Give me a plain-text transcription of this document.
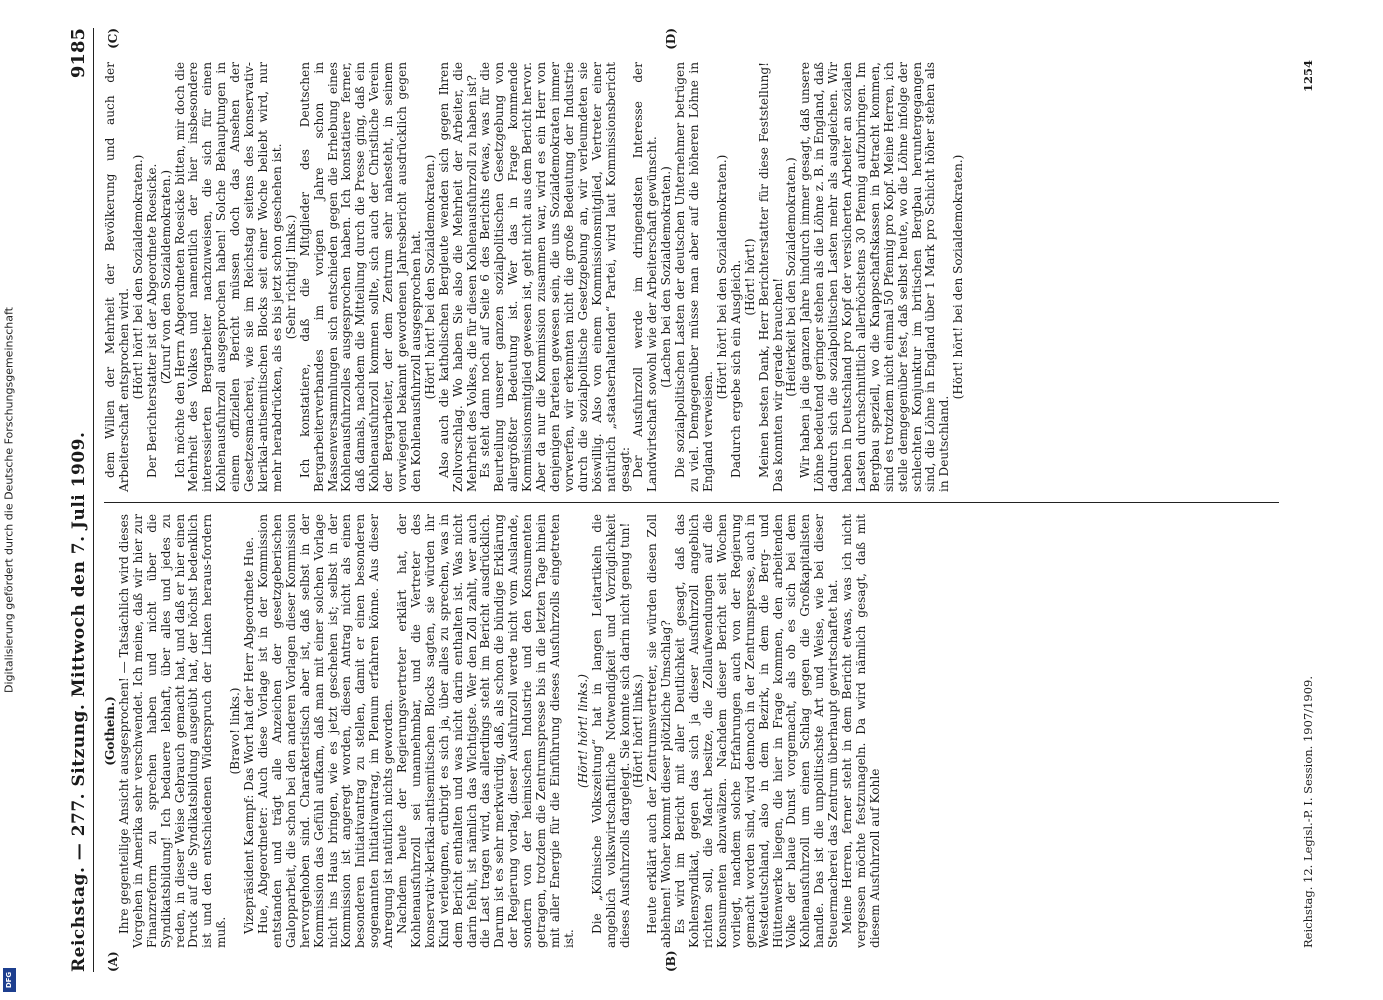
Digitalisierung gefördert durch die Deutsche Forschungsgemeinschaft
DFG
Reichstag. — 277. Sitzung. Mittwoch den 7. Juli 1909.
9185
(A)	(B)
(C)	(D)

(Gothein.) Ihre gegenteilige Ansicht ausgesprochen! — Tatsächlich wird dieses Vorgehen in Amerika sehr verschwendet. Ich meine, daß wir hier zur Finanzreform zu sprechen haben und nicht über die Syndikatsbildung! Ich bedauere lebhaft, über alles und jedes zu reden, in dieser Weise Gebrauch gemacht hat, und daß er hier einen Druck auf die Syndikatsbildung ausgeübt hat, der höchst bedenklich ist und den entschiedenen Widerspruch der Linken heraus-fordern muß.

(Bravo! links.) Vizepräsident Kaempf: Das Wort hat der Herr Abgeordnete Hue. Hue, Abgeordneter: Auch diese Vorlage ist in der Kommission entstanden und trägt alle Anzeichen der gesetzgeberischen Galopparbeit, die schon bei den anderen Vorlagen dieser Kommission hervorgehoben sind. Charakteristisch aber ist, daß selbst in der Kommission das Gefühl aufkam, daß man mit einer solchen Vorlage nicht ins Haus bringen, wie es jetzt geschehen ist; selbst in der Kommission ist angeregt worden, diesen Antrag nicht als einen besonderen Initiativantrag zu stellen, damit er einen besonderen sogenannten Initiativantrag, im Plenum erfahren könne. Aus dieser Anregung ist natürlich nichts geworden. Nachdem heute der Regierungsvertreter erklärt hat, der Kohlenausfuhrzoll sei unannehmbar, und die Vertreter des konservativ-klerikal-antisemitischen Blocks sagten, sie würden ihr Kind verleugnen, erübrigt es sich ja, über alles zu sprechen, was in dem Bericht enthalten und was nicht darin enthalten ist. Was nicht darin fehlt, ist nämlich das Wichtigste. Wer den Zoll zahlt, wer auch die Last tragen wird, das allerdings steht im Bericht ausdrücklich. Darum ist es sehr merkwürdig, daß, als schon die bündige Erklärung der Regierung vorlag, dieser Ausfuhrzoll werde nicht vom Auslande, sondern von der heimischen Industrie und den Konsumenten getragen, trotzdem die Zentrumspresse bis in die letzten Tage hinein mit aller Energie für die Einführung dieses Ausfuhrzolls eingetreten ist.

(Hört! hört! links.) Die „Kölnische Volkszeitung“ hat in langen Leitartikeln die angeblich volkswirtschaftliche Notwendigkeit und Vorzüglichkeit dieses Ausfuhrzolls dargelegt. Sie konnte sich darin nicht genug tun! (Hört! hört! links.) Heute erklärt auch der Zentrumsvertreter, sie würden diesen Zoll ablehnen! Woher kommt dieser plötzliche Umschlag? Es wird im Bericht mit aller Deutlichkeit gesagt, daß das Kohlensyndikat, gegen das sich ja dieser Ausfuhrzoll angeblich richten soll, die Macht besitze, die Zollaufwendungen auf die Konsumenten abzuwälzen. Nachdem dieser Bericht seit Wochen vorliegt, nachdem solche Erfahrungen auch von der Regierung gemacht worden sind, wird dennoch in der Zentrumspresse, auch in Westdeutschland, also in dem Bezirk, in dem die Berg- und Hüttenwerke liegen, die hier in Frage kommen, den arbeitenden Volke der blaue Dunst vorgemacht, als ob es sich bei dem Kohlenausfuhrzoll um einen Schlag gegen die Großkapitalisten handle. Das ist die unpolitischste Art und Weise, wie bei dieser Steuermacherei das Zentrum überhaupt gewirtschaftet hat. Meine Herren, ferner steht in dem Bericht etwas, was ich nicht vergessen möchte festzunageln. Da wird nämlich gesagt, daß mit diesem Ausfuhrzoll auf Kohle

dem Willen der Mehrheit der Bevölkerung und auch der Arbeiterschaft entsprochen wird. (Hört! hört! bei den Sozialdemokraten.) Der Berichterstatter ist der Abgeordnete Roesicke. (Zuruf von den Sozialdemokraten.) Ich möchte den Herrn Abgeordneten Roesicke bitten, mir doch die Mehrheit des Volkes und namentlich der hier insbesondere interessierten Bergarbeiter nachzuweisen, die sich für einen Kohlenausfuhrzoll ausgesprochen haben! Solche Behauptungen in einem offiziellen Bericht müssen doch das Ansehen der Gesetzesmacherei, wie sie im Reichstag seitens des konservativ-klerikal-antisemitischen Blocks seit einer Woche beliebt wird, nur mehr herabdrücken, als es bis jetzt schon geschehen ist. (Sehr richtig! links.) Ich konstatiere, daß die Mitglieder des Deutschen Bergarbeiterverbandes im vorigen Jahre schon in Massenversammlungen sich entschieden gegen die Erhebung eines Kohlenausfuhrzolles ausgesprochen haben. Ich konstatiere ferner, daß damals, nachdem die Mitteilung durch die Presse ging, daß ein Kohlenausfuhrzoll kommen sollte, sich auch der Christliche Verein der Bergarbeiter, der dem Zentrum sehr nahesteht, in seinem vorwiegend bekannt gewordenen Jahresbericht ausdrücklich gegen den Kohlenausfuhrzoll ausgesprochen hat. (Hört! hört! bei den Sozialdemokraten.) Also auch die katholischen Bergleute wenden sich gegen Ihren Zollvorschlag. Wo haben Sie also die Mehrheit der Arbeiter, die Mehrheit des Volkes, die für diesen Kohlenausfuhrzoll zu haben ist? Es steht dann noch auf Seite 6 des Berichts etwas, was für die Beurteilung unserer ganzen sozialpolitischen Gesetzgebung von allergrößter Bedeutung ist. Wer das in Frage kommende Kommissionsmitglied gewesen ist, geht nicht aus dem Bericht hervor. Aber da nur die Kommission zusammen war, wird es ein Herr von denjenigen Parteien gewesen sein, die uns Sozialdemokraten immer vorwerfen, wir erkennten nicht die große Bedeutung der Industrie durch die sozialpolitische Gesetzgebung an, wir verleumdeten sie böswillig. Also von einem Kommissionsmitglied, Vertreter einer natürlich „staatserhaltenden“ Partei, wird laut Kommissionsbericht gesagt: Der Ausfuhrzoll werde im dringendsten Interesse der Landwirtschaft sowohl wie der Arbeiterschaft gewünscht. (Lachen bei den Sozialdemokraten.) Die sozialpolitischen Lasten der deutschen Unternehmer betrügen zu viel. Demgegenüber müsse man aber auf die höheren Löhne in England verweisen.

(Hört! hört! bei den Sozialdemokraten.) Dadurch ergebe sich ein Ausgleich. (Hört! hört!) Meinen besten Dank, Herr Berichterstatter für diese Feststellung! Das konnten wir gerade brauchen! (Heiterkeit bei den Sozialdemokraten.) Wir haben ja die ganzen Jahre hindurch immer gesagt, daß unsere Löhne bedeutend geringer stehen als die Löhne z. B. in England, daß dadurch sich die sozialpolitischen Lasten mehr als ausgleichen. Wir haben in Deutschland pro Kopf der versicherten Arbeiter an sozialen Lasten durchschnittlich allerhöchstens 30 Pfennig aufzubringen. Im Bergbau speziell, wo die Knappschaftskassen in Betracht kommen, sind es trotzdem nicht einmal 50 Pfennig pro Kopf. Meine Herren, ich stelle demgegenüber fest, daß selbst heute, wo die Löhne infolge der schlechten Konjunktur im britischen Bergbau heruntergegangen sind, die Löhne in England über 1 Mark pro Schicht höher stehen als in Deutschland.

(Hört! hört! bei den Sozialdemokraten.)

Reichstag. 12. Legisl.-P. I. Session. 1907/1909.
1254
